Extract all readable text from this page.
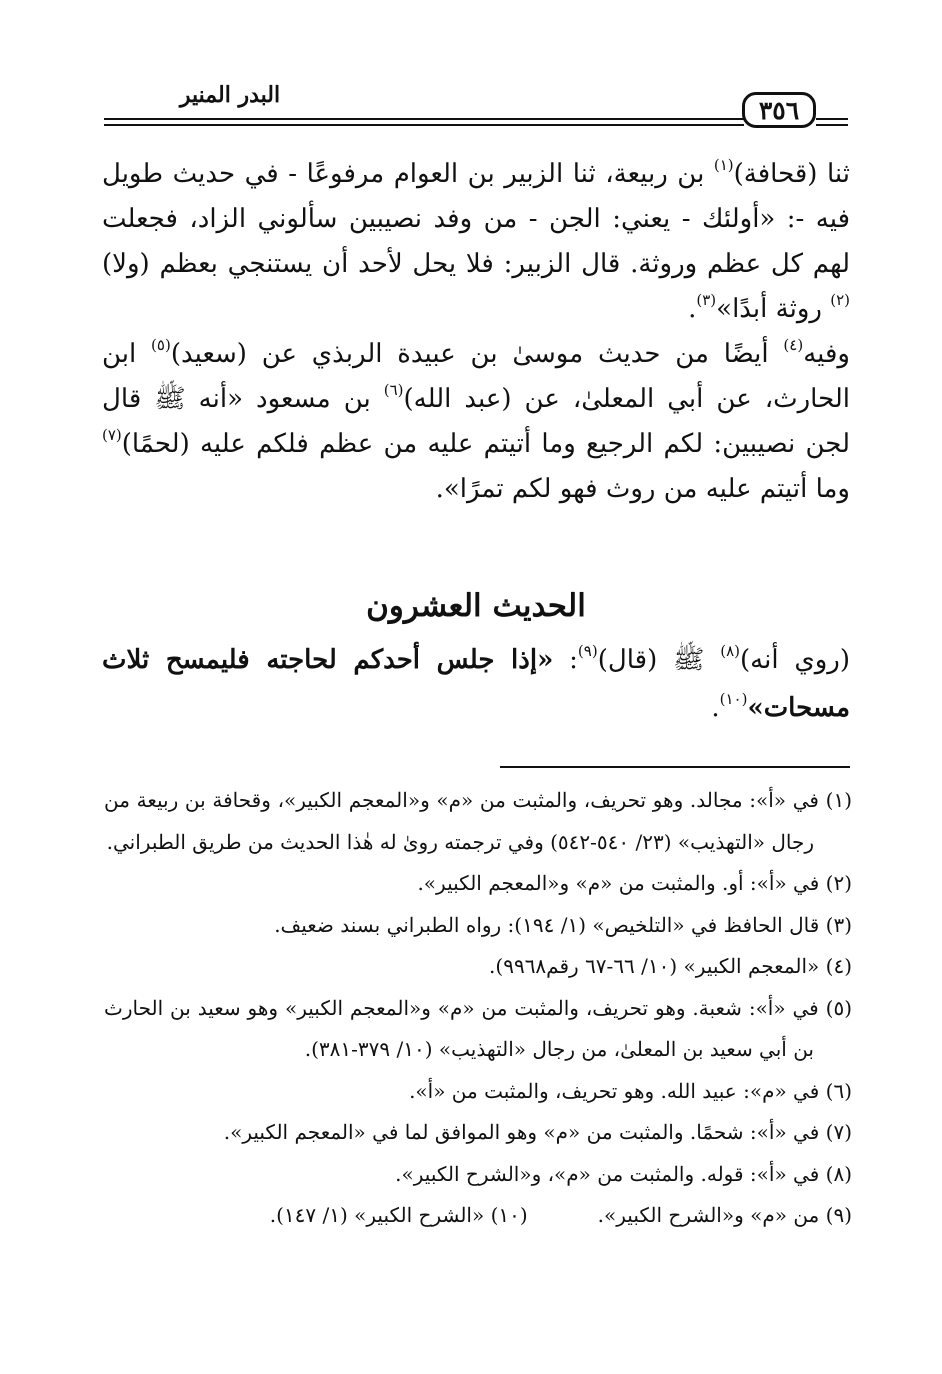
البدر المنير
٣٥٦

ثنا (قحافة)$^{(١)}$ بن ربيعة، ثنا الزبير بن العوام مرفوعًا - في حديث طويل فيه -: «أولئك - يعني: الجن - من وفد نصيبين سألوني الزاد، فجعلت لهم كل عظم وروثة. قال الزبير: فلا يحل لأحد أن يستنجي بعظم (ولا)$^{(٢)}$ روثة أبدًا»$^{(٣)}$.

وفيه$^{(٤)}$ أيضًا من حديث موسىٰ بن عبيدة الربذي عن (سعيد)$^{(٥)}$ ابن الحارث، عن أبي المعلىٰ، عن (عبد الله)$^{(٦)}$ بن مسعود «أنه ﷺ قال لجن نصيبين: لكم الرجيع وما أتيتم عليه من عظم فلكم عليه (لحمًا)$^{(٧)}$ وما أتيتم عليه من روث فهو لكم تمرًا».

الحديث العشرون

(روي أنه)$^{(٨)}$ ﷺ (قال)$^{(٩)}$: «إذا جلس أحدكم لحاجته فليمسح ثلاث مسحات»$^{(١٠)}$.

(١) في «أ»: مجالد. وهو تحريف، والمثبت من «م» و«المعجم الكبير»، وقحافة بن ربيعة من رجال «التهذيب» (٢٣/ ٥٤٠-٥٤٢) وفي ترجمته روىٰ له هٰذا الحديث من طريق الطبراني.

(٢) في «أ»: أو. والمثبت من «م» و«المعجم الكبير».

(٣) قال الحافظ في «التلخيص» (١/ ١٩٤): رواه الطبراني بسند ضعيف.

(٤) «المعجم الكبير» (١٠/ ٦٦-٦٧ رقم٩٩٦٨).

(٥) في «أ»: شعبة. وهو تحريف، والمثبت من «م» و«المعجم الكبير» وهو سعيد بن الحارث بن أبي سعيد بن المعلىٰ، من رجال «التهذيب» (١٠/ ٣٧٩-٣٨١).

(٦) في «م»: عبيد الله. وهو تحريف، والمثبت من «أ».

(٧) في «أ»: شحمًا. والمثبت من «م» وهو الموافق لما في «المعجم الكبير».

(٨) في «أ»: قوله. والمثبت من «م»، و«الشرح الكبير».

(٩) من «م» و«الشرح الكبير».
(١٠) «الشرح الكبير» (١/ ١٤٧).
